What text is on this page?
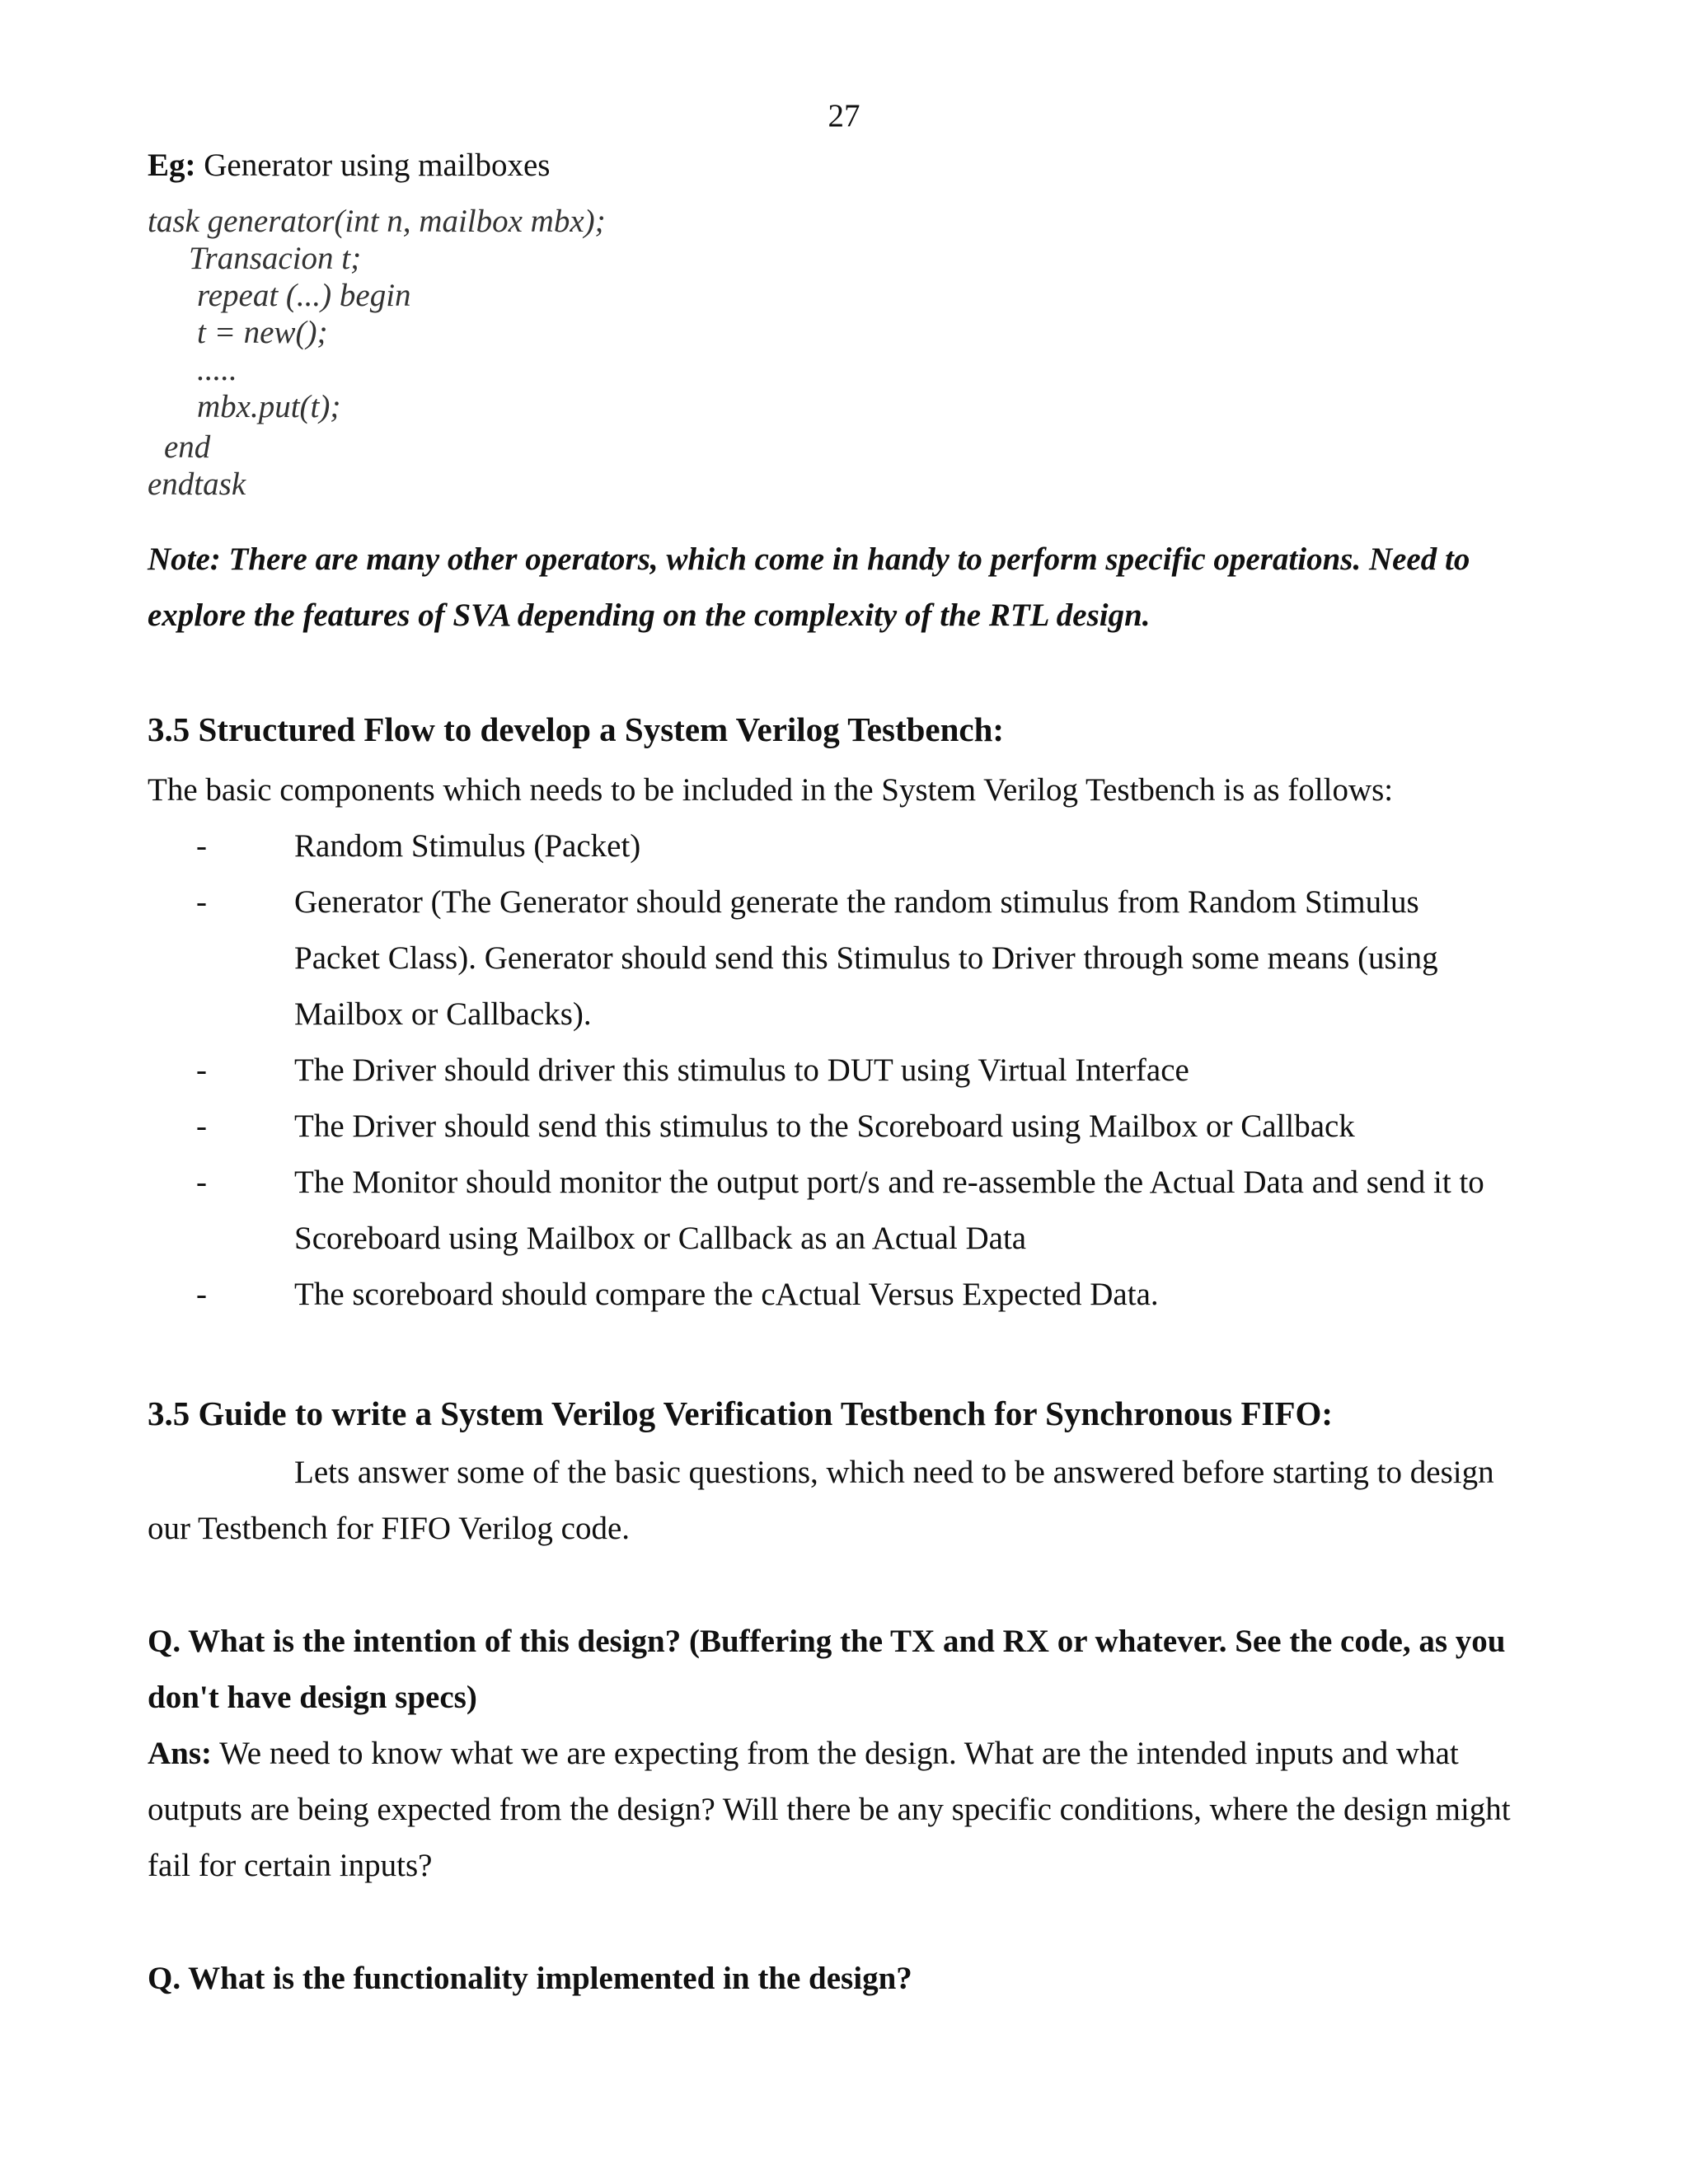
27
Eg: Generator using mailboxes
task generator(int n, mailbox mbx);
Transacion t;
repeat (...) begin
t = new();
.....
mbx.put(t);
end
endtask
Note: There are many other operators, which come in handy to perform specific operations. Need to
explore the features of SVA depending on the complexity of the RTL design.
3.5 Structured Flow to develop a System Verilog Testbench:
The basic components which needs to be included in the System Verilog Testbench is as follows:
-	Random Stimulus (Packet)
-	Generator (The Generator should generate the random stimulus from Random Stimulus
Packet Class). Generator should send this Stimulus to Driver through some means (using
Mailbox or Callbacks).
-	The Driver should driver this stimulus to DUT using Virtual Interface
-	The Driver should send this stimulus to the Scoreboard using Mailbox or Callback
-	The Monitor should monitor the output port/s and re-assemble the Actual Data and send it to
Scoreboard using Mailbox or Callback as an Actual Data
-	The scoreboard should compare the cActual Versus Expected Data.
3.5 Guide to write a System Verilog Verification Testbench for Synchronous FIFO:
Lets answer some of the basic questions, which need to be answered before starting to design
our Testbench for FIFO Verilog code.
Q. What is the intention of this design? (Buffering the TX and RX or whatever. See the code, as you
don't have design specs)
Ans: We need to know what we are expecting from the design. What are the intended inputs and what
outputs are being expected from the design? Will there be any specific conditions, where the design might
fail for certain inputs?
Q. What is the functionality implemented in the design?
